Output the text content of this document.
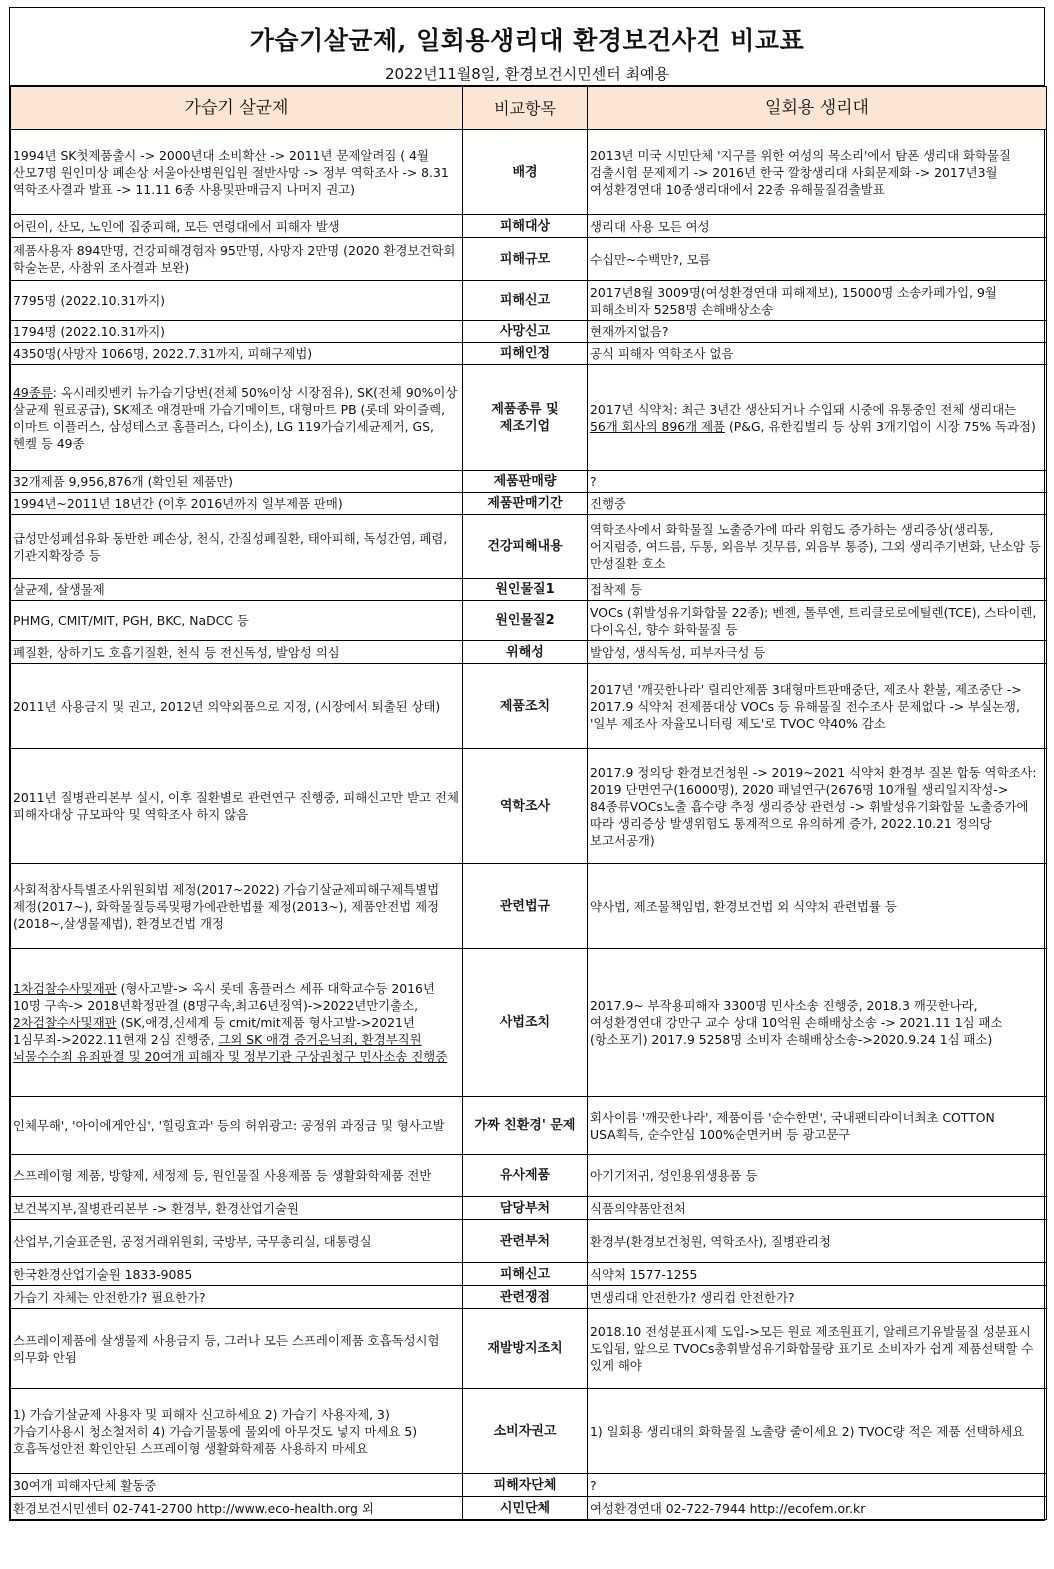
가습기살균제, 일회용생리대 환경보건사건 비교표
2022년11월8일, 환경보건시민센터 최예용
가습기 살균제	비교항목	일회용 생리대
1994년 SK첫제품출시 -> 2000년대 소비확산 -> 2011년 문제알려짐 ( 4월 산모7명 원인미상 폐손상 서울아산병원입원 절반사망 -> 정부 역학조사 -> 8.31 역학조사결과 발표 -> 11.11 6종 사용및판매금지 나머지 권고)	배경	2013년 미국 시민단체 '지구를 위한 여성의 목소리'에서 탐폰 생리대 화학물질 검출시험 문제제기 -> 2016년 한국 깔창생리대 사회문제화 -> 2017년3월 여성환경연대 10종생리대에서 22종 유해물질검출발표
어린이, 산모, 노인에 집중피해, 모든 연령대에서 피해자 발생	피해대상	생리대 사용 모든 여성
제품사용자 894만명, 건강피해경험자 95만명, 사망자 2만명 (2020 환경보건학회 학술논문, 사참위 조사결과 보완)	피해규모	수십만~수백만?, 모름
7795명 (2022.10.31까지)	피해신고	2017년8월 3009명(여성환경연대 피해제보), 15000명 소송카페가입, 9월 피해소비자 5258명 손해배상소송
1794명 (2022.10.31까지)	사망신고	현재까지없음?
4350명(사망자 1066명, 2022.7.31까지, 피해구제법)	피해인정	공식 피해자 역학조사 없음
49종류: 옥시레킷벤키 뉴가습기당번(전체 50%이상 시장점유), SK(전체 90%이상 살균제 원료공급), SK제조 애경판매 가습기메이트, 대형마트 PB (롯데 와이즐렉, 이마트 이플러스, 삼성테스코 홈플러스, 다이소), LG 119가습기세균제거, GS, 헨켈 등 49종	제품종류 및 제조기업	2017년 식약처: 최근 3년간 생산되거나 수입돼 시중에 유통중인 전체 생리대는 56개 회사의 896개 제품 (P&G, 유한킴벌리 등 상위 3개기업이 시장 75% 독과점)
32개제품 9,956,876개 (확인된 제품만)	제품판매량	?
1994년~2011년 18년간 (이후 2016년까지 일부제품 판매)	제품판매기간	진행중
급성만성폐섬유화 동반한 폐손상, 천식, 간질성폐질환, 태아피해, 독성간염, 폐렴, 기관지확장증 등	건강피해내용	역학조사에서 화학물질 노출증가에 따라 위험도 증가하는 생리증상(생리통, 어지럼증, 여드름, 두통, 외음부 짓무름, 외음부 통증), 그외 생리주기변화, 난소암 등 만성질환 호소
살균제, 살생물제	원인물질1	접착제 등
PHMG, CMIT/MIT, PGH, BKC, NaDCC 등	원인물질2	VOCs (휘발성유기화합물 22종); 벤젠, 톨루엔, 트리클로로에틸렌(TCE), 스타이렌, 다이옥신, 향수 화학물질 등
폐질환, 상하기도 호흡기질환, 천식 등 전신독성, 발암성 의심	위해성	발암성, 생식독성, 피부자극성 등
2011년 사용금지 및 권고, 2012년 의약외품으로 지정, (시장에서 퇴출된 상태)	제품조치	2017년 '깨끗한나라' 릴리안제품 3대형마트판매중단, 제조사 환불, 제조중단 -> 2017.9 식약처 전제품대상 VOCs 등 유해물질 전수조사 문제없다 -> 부실논쟁, '일부 제조사 자율모니터링 제도'로 TVOC 약40% 감소
2011년 질병관리본부 실시, 이후 질환별로 관련연구 진행중, 피해신고만 받고 전체 피해자대상 규모파악 및 역학조사 하지 않음	역학조사	2017.9 정의당 환경보건청원 -> 2019~2021 식약처 환경부 질본 합동 역학조사: 2019 단면연구(16000명), 2020 패널연구(2676명 10개월 생리일지작성-> 84종류VOCs노출 흡수량 추정 생리증상 관련성 -> 휘발성유기화합물 노출증가에 따라 생리증상 발생위험도 통계적으로 유의하게 증가, 2022.10.21 정의당 보고서공개)
사회적참사특별조사위원회법 제정(2017~2022) 가습기살균제피해구제특별법 제정(2017~), 화학물질등록및평가에관한법률 제정(2013~), 제품안전법 제정(2018~,살생물제법), 환경보건법 개정	관련법규	약사법, 제조물책임법, 환경보건법 외 식약처 관련법률 등
1차검찰수사및재판 (형사고발-> 옥시 롯데 홈플러스 세퓨 대학교수등 2016년 10명 구속-> 2018년확정판결 (8명구속,최고6년징역)->2022년만기출소, 2차검찰수사및재판 (SK,애경,신세계 등 cmit/mit제품 형사고발->2021년 1심무죄->2022.11현재 2심 진행중, 그외 SK 애경 증거은닉죄, 환경부직원 뇌물수수죄 유죄판결 및 20여개 피해자 및 정부기관 구상권청구 민사소송 진행중	사법조치	2017.9~ 부작용피해자 3300명 민사소송 진행중, 2018.3 깨끗한나라, 여성환경연대 강만구 교수 상대 10억원 손해배상소송 -> 2021.11 1심 패소(항소포기) 2017.9 5258명 소비자 손해배상소송->2020.9.24 1심 패소)
인체무해', '아이에게안심', '힐링효과' 등의 허위광고: 공정위 과징금 및 형사고발	가짜 친환경' 문제	회사이름 '깨끗한나라', 제품이름 '순수한면', 국내팬티라이너최초 COTTON USA획득, 순수안심 100%순면커버 등 광고문구
스프레이형 제품, 방향제, 세정제 등, 원인물질 사용제품 등 생활화학제품 전반	유사제품	아기기저귀, 성인용위생용품 등
보건복지부,질병관리본부 -> 환경부, 환경산업기술원	담당부처	식품의약품안전처
산업부,기술표준원, 공정거래위원회, 국방부, 국무총리실, 대통령실	관련부처	환경부(환경보건청원, 역학조사), 질병관리청
한국환경산업기술원 1833-9085	피해신고	식약처 1577-1255
가습기 자체는 안전한가? 필요한가?	관련쟁점	면생리대 안전한가? 생리컵 안전한가?
스프레이제품에 살생물제 사용금지 등, 그러나 모든 스프레이제품 호흡독성시험 의무화 안됨	재발방지조치	2018.10 전성분표시제 도입->모든 원료 제조원표기, 알레르기유발물질 성분표시 도입됨, 앞으로 TVOCs총휘발성유기화합물량 표기로 소비자가 쉽게 제품선택할 수 있게 해야
1) 가습기살균제 사용자 및 피해자 신고하세요 2) 가습기 사용자제, 3) 가습기사용시 청소철저히 4) 가습기물통에 물외에 아무것도 넣지 마세요 5) 호흡독성안전 확인안된 스프레이형 생활화학제품 사용하지 마세요	소비자권고	1) 일회용 생리대의 화학물질 노출량 줄이세요 2) TVOC량 적은 제품 선택하세요
30여개 피해자단체 활동중	피해자단체	?
환경보건시민센터 02-741-2700 http://www.eco-health.org 외	시민단체	여성환경연대 02-722-7944 http://ecofem.or.kr
